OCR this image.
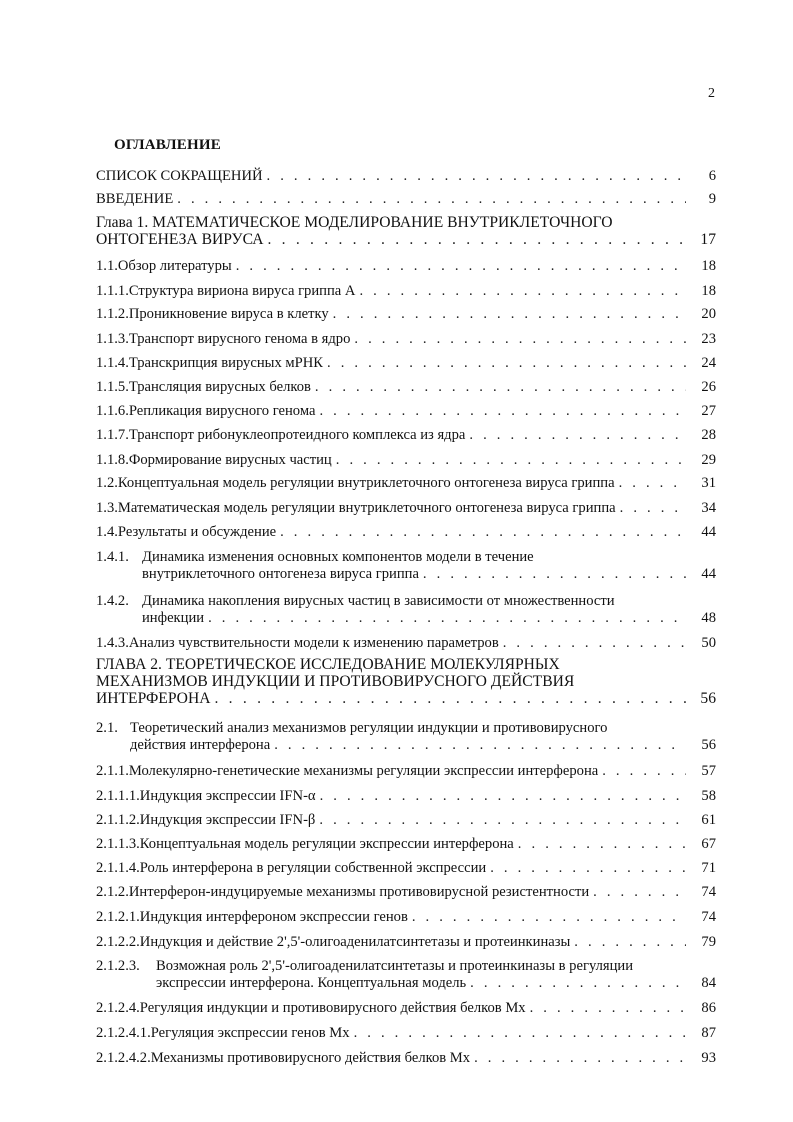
2
ОГЛАВЛЕНИЕ
СПИСОК СОКРАЩЕНИЙ . . .	6
ВВЕДЕНИЕ . . .	9
Глава 1. МАТЕМАТИЧЕСКОЕ МОДЕЛИРОВАНИЕ ВНУТРИКЛЕТОЧНОГО
ОНТОГЕНЕЗА ВИРУСА . . .	17
1.1. Обзор литературы . . .	18
1.1.1. Структура вириона вируса гриппа А . . .	18
1.1.2. Проникновение вируса в клетку . . .	20
1.1.3. Транспорт вирусного генома в ядро . . .	23
1.1.4. Транскрипция вирусных мРНК . . .	24
1.1.5. Трансляция вирусных белков . . .	26
1.1.6. Репликация вирусного генома . . .	27
1.1.7. Транспорт рибонуклеопротеидного комплекса из ядра . . .	28
1.1.8. Формирование вирусных частиц . . .	29
1.2. Концептуальная модель регуляции внутриклеточного онтогенеза вируса гриппа . . .	31
1.3. Математическая модель регуляции внутриклеточного онтогенеза вируса гриппа . . .	34
1.4. Результаты и обсуждение . . .	44
1.4.1. Динамика изменения основных компонентов модели в течение
внутриклеточного онтогенеза вируса гриппа . . .	44
1.4.2. Динамика накопления вирусных частиц в зависимости от множественности
инфекции . . .	48
1.4.3. Анализ чувствительности модели к изменению параметров . . .	50
ГЛАВА 2. ТЕОРЕТИЧЕСКОЕ ИССЛЕДОВАНИЕ МОЛЕКУЛЯРНЫХ
МЕХАНИЗМОВ ИНДУКЦИИ И ПРОТИВОВИРУСНОГО ДЕЙСТВИЯ
ИНТЕРФЕРОНА . . .	56
2.1. Теоретический анализ механизмов регуляции индукции и противовирусного
действия интерферона . . .	56
2.1.1. Молекулярно-генетические механизмы регуляции экспрессии интерферона . . .	57
2.1.1.1. Индукция экспрессии IFN-α . . .	58
2.1.1.2. Индукция экспрессии IFN-β . . .	61
2.1.1.3. Концептуальная модель регуляции экспрессии интерферона . . .	67
2.1.1.4. Роль интерферона в регуляции собственной экспрессии . . .	71
2.1.2. Интерферон-индуцируемые механизмы противовирусной резистентности . . .	74
2.1.2.1. Индукция интерфероном экспрессии генов . . .	74
2.1.2.2. Индукция и действие 2',5'-олигоаденилатсинтетазы и протеинкиназы . . .	79
2.1.2.3.	Возможная роль 2',5'-олигоаденилатсинтетазы и протеинкиназы в регуляции
экспрессии интерферона. Концептуальная модель . . .	84
2.1.2.4. Регуляция индукции и противовирусного действия белков Мх . . .	86
2.1.2.4.1. Регуляция экспрессии генов Мх . . .	87
2.1.2.4.2. Механизмы противовирусного действия белков Мх . . .	93
